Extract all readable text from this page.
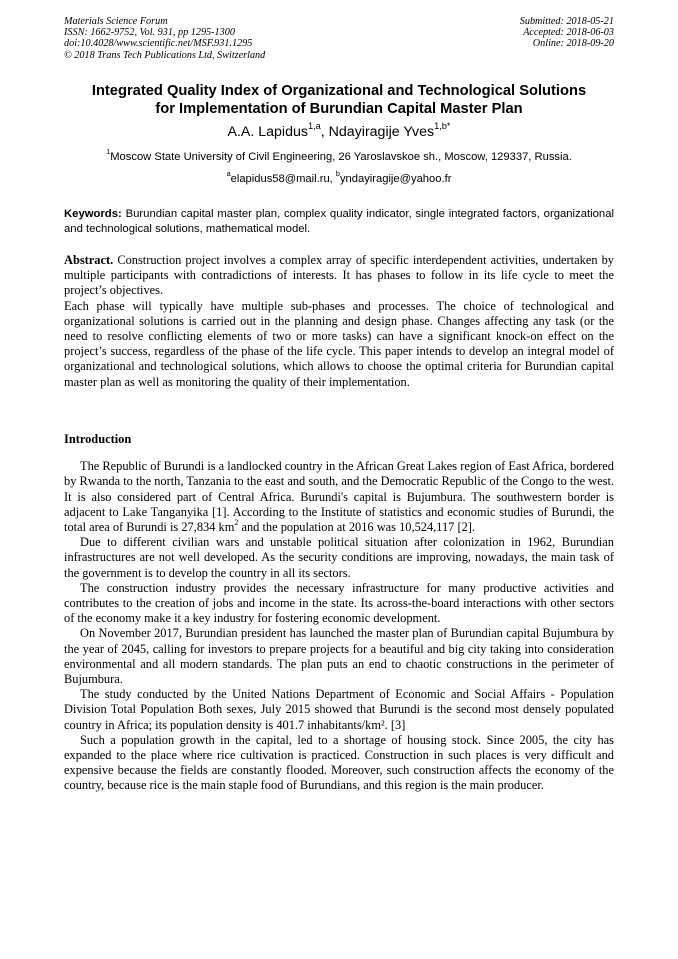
Materials Science Forum
ISSN: 1662-9752, Vol. 931, pp 1295-1300
doi:10.4028/www.scientific.net/MSF.931.1295
© 2018 Trans Tech Publications Ltd, Switzerland
Submitted: 2018-05-21
Accepted: 2018-06-03
Online: 2018-09-20
Integrated Quality Index of Organizational and Technological Solutions
for Implementation of Burundian Capital Master Plan
A.A. Lapidus$^{1,a}$, Ndayiragije Yves$^{1,b*}$
$^1$Moscow State University of Civil Engineering, 26 Yaroslavskoe sh., Moscow, 129337, Russia.
$^a$elapidus58@mail.ru, $^b$yndayiragije@yahoo.fr
Keywords: Burundian capital master plan, complex quality indicator, single integrated factors, organizational and technological solutions, mathematical model.

Abstract. Construction project involves a complex array of specific interdependent activities, undertaken by multiple participants with contradictions of interests. It has phases to follow in its life cycle to meet the project’s objectives.

Each phase will typically have multiple sub-phases and processes. The choice of technological and organizational solutions is carried out in the planning and design phase. Changes affecting any task (or the need to resolve conflicting elements of two or more tasks) can have a significant knock-on effect on the project’s success, regardless of the phase of the life cycle. This paper intends to develop an integral model of organizational and technological solutions, which allows to choose the optimal criteria for Burundian capital master plan as well as monitoring the quality of their implementation.

Introduction

The Republic of Burundi is a landlocked country in the African Great Lakes region of East Africa, bordered by Rwanda to the north, Tanzania to the east and south, and the Democratic Republic of the Congo to the west. It is also considered part of Central Africa. Burundi's capital is Bujumbura. The southwestern border is adjacent to Lake Tanganyika [1]. According to the Institute of statistics and economic studies of Burundi, the total area of Burundi is 27,834 $km^2$ and the population at 2016 was 10,524,117 [2].

Due to different civilian wars and unstable political situation after colonization in 1962, Burundian infrastructures are not well developed. As the security conditions are improving, nowadays, the main task of the government is to develop the country in all its sectors.

The construction industry provides the necessary infrastructure for many productive activities and contributes to the creation of jobs and income in the state. Its across-the-board interactions with other sectors of the economy make it a key industry for fostering economic development.

On November 2017, Burundian president has launched the master plan of Burundian capital Bujumbura by the year of 2045, calling for investors to prepare projects for a beautiful and big city taking into consideration environmental and all modern standards. The plan puts an end to chaotic constructions in the perimeter of Bujumbura.

The study conducted by the United Nations Department of Economic and Social Affairs - Population Division Total Population Both sexes, July 2015 showed that Burundi is the second most densely populated country in Africa; its population density is 401.7 inhabitants/km². [3]

Such a population growth in the capital, led to a shortage of housing stock. Since 2005, the city has expanded to the place where rice cultivation is practiced. Construction in such places is very difficult and expensive because the fields are constantly flooded. Moreover, such construction affects the economy of the country, because rice is the main staple food of Burundians, and this region is the main producer.
